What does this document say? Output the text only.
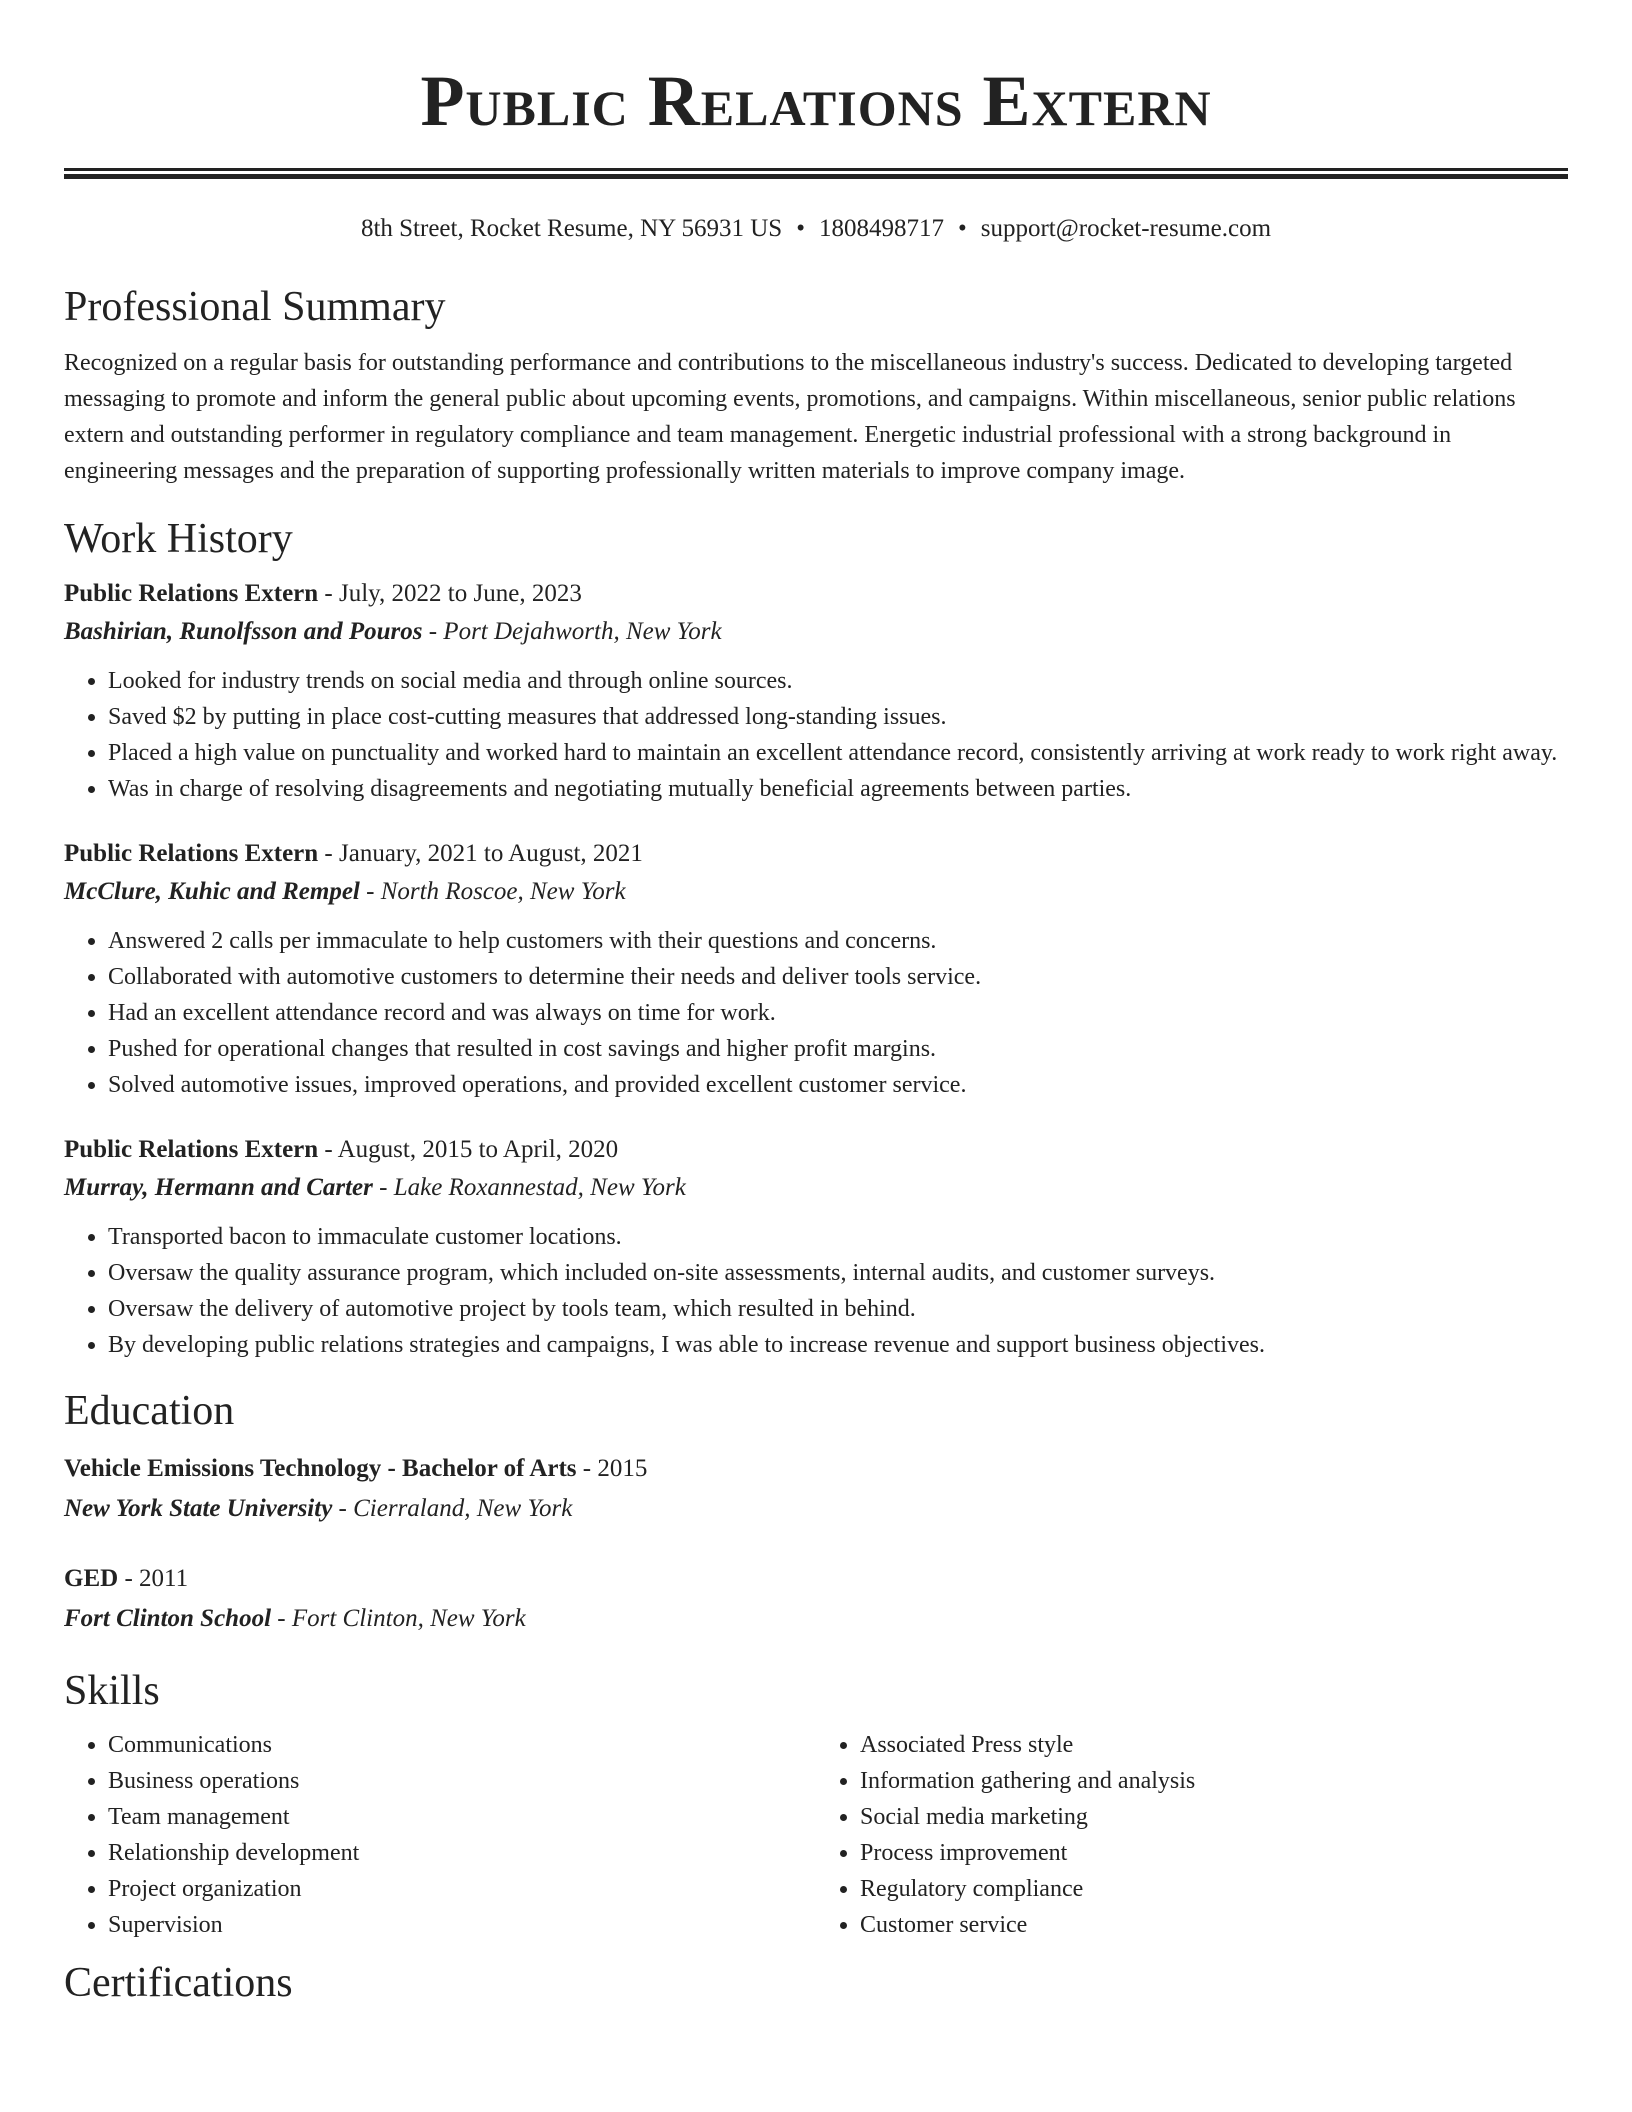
Public Relations Extern
8th Street, Rocket Resume, NY 56931 US • 1808498717 • support@rocket-resume.com
Professional Summary

Recognized on a regular basis for outstanding performance and contributions to the miscellaneous industry's success. Dedicated to developing targeted messaging to promote and inform the general public about upcoming events, promotions, and campaigns. Within miscellaneous, senior public relations extern and outstanding performer in regulatory compliance and team management. Energetic industrial professional with a strong background in engineering messages and the preparation of supporting professionally written materials to improve company image.

Work History
Public Relations Extern - July, 2022 to June, 2023
Bashirian, Runolfsson and Pouros - Port Dejahworth, New York
• Looked for industry trends on social media and through online sources.
• Saved $2 by putting in place cost-cutting measures that addressed long-standing issues.
• Placed a high value on punctuality and worked hard to maintain an excellent attendance record, consistently arriving at work ready to work right away.
• Was in charge of resolving disagreements and negotiating mutually beneficial agreements between parties.
Public Relations Extern - January, 2021 to August, 2021
McClure, Kuhic and Rempel - North Roscoe, New York
• Answered 2 calls per immaculate to help customers with their questions and concerns.
• Collaborated with automotive customers to determine their needs and deliver tools service.
• Had an excellent attendance record and was always on time for work.
• Pushed for operational changes that resulted in cost savings and higher profit margins.
• Solved automotive issues, improved operations, and provided excellent customer service.
Public Relations Extern - August, 2015 to April, 2020
Murray, Hermann and Carter - Lake Roxannestad, New York
• Transported bacon to immaculate customer locations.
• Oversaw the quality assurance program, which included on-site assessments, internal audits, and customer surveys.
• Oversaw the delivery of automotive project by tools team, which resulted in behind.
• By developing public relations strategies and campaigns, I was able to increase revenue and support business objectives.
Education
Vehicle Emissions Technology - Bachelor of Arts - 2015
New York State University - Cierraland, New York
GED - 2011
Fort Clinton School - Fort Clinton, New York
Skills
• Communications
• Business operations
• Team management
• Relationship development
• Project organization
• Supervision
• Associated Press style
• Information gathering and analysis
• Social media marketing
• Process improvement
• Regulatory compliance
• Customer service
Certifications
